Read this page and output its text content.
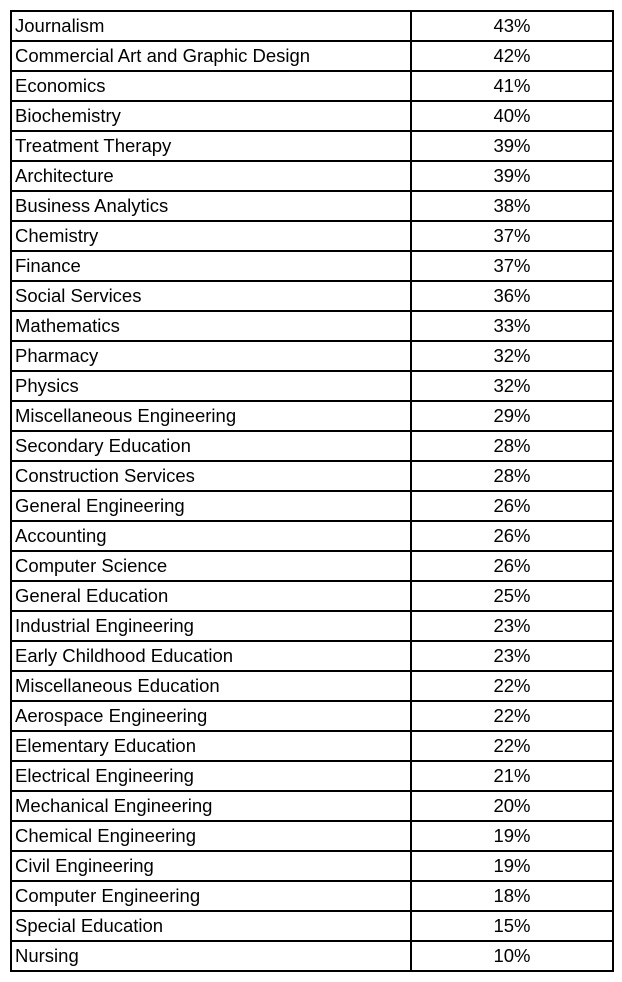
Journalism	43%
Commercial Art and Graphic Design	42%
Economics	41%
Biochemistry	40%
Treatment Therapy	39%
Architecture	39%
Business Analytics	38%
Chemistry	37%
Finance	37%
Social Services	36%
Mathematics	33%
Pharmacy	32%
Physics	32%
Miscellaneous Engineering	29%
Secondary Education	28%
Construction Services	28%
General Engineering	26%
Accounting	26%
Computer Science	26%
General Education	25%
Industrial Engineering	23%
Early Childhood Education	23%
Miscellaneous Education	22%
Aerospace Engineering	22%
Elementary Education	22%
Electrical Engineering	21%
Mechanical Engineering	20%
Chemical Engineering	19%
Civil Engineering	19%
Computer Engineering	18%
Special Education	15%
Nursing	10%
